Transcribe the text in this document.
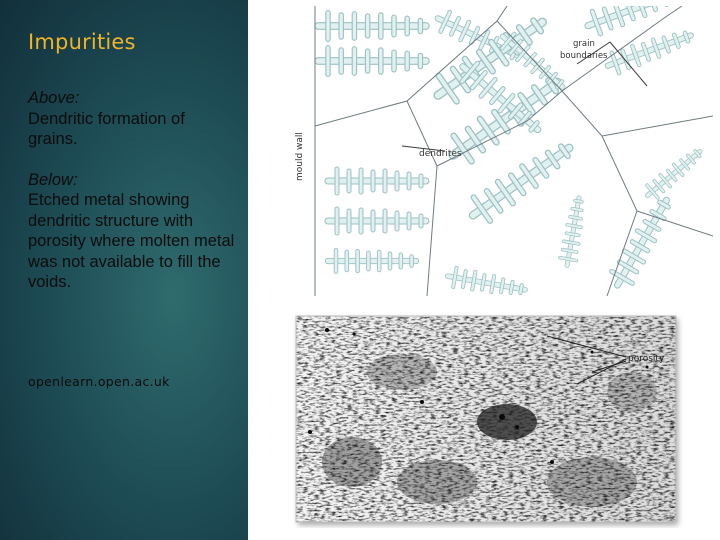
Impurities
Above:
Dendritic formation of grains.
Below:
Etched metal showing dendritic structure with porosity where molten metal was not available to fill the voids.
openlearn.open.ac.uk
mould wall
grain
boundaries
dendrites
porosity
